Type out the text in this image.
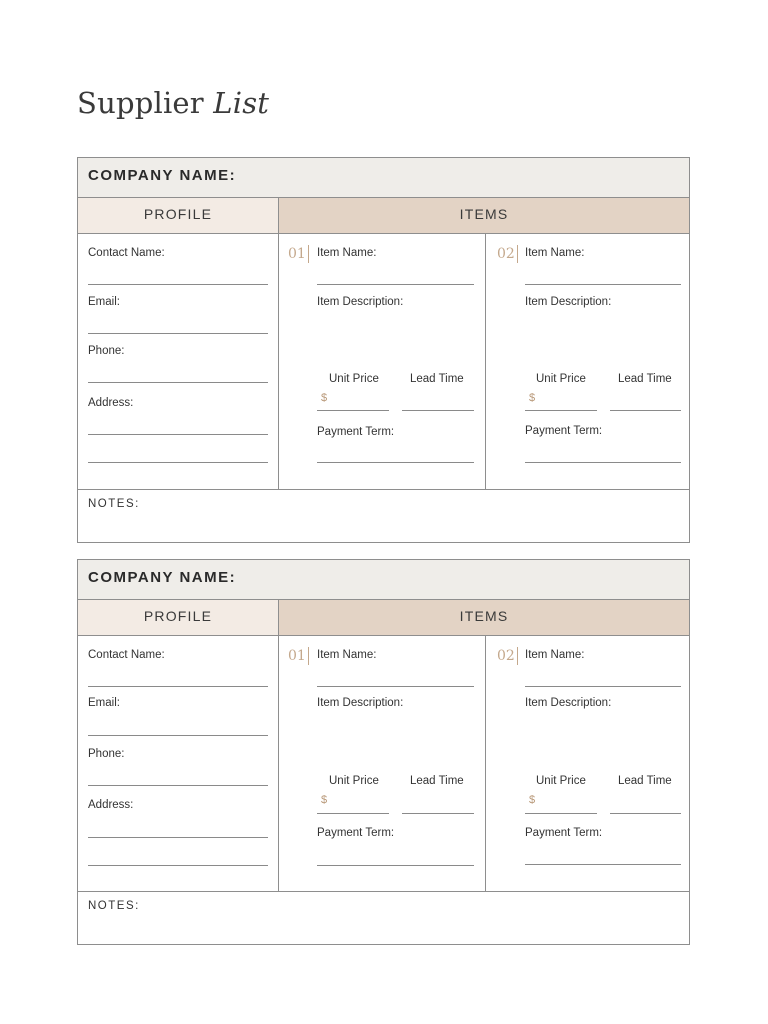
Supplier List
COMPANY NAME:
PROFILE	ITEMS
Contact Name:
Email:
Phone:
Address:
01 Item Name:
Item Description:
Unit Price	Lead Time
$
Payment Term:
02 Item Name:
Item Description:
Unit Price	Lead Time
$
Payment Term:
NOTES:
COMPANY NAME:
PROFILE	ITEMS
Contact Name:
Email:
Phone:
Address:
01 Item Name:
Item Description:
Unit Price	Lead Time
$
Payment Term:
02 Item Name:
Item Description:
Unit Price	Lead Time
$
Payment Term:
NOTES:
